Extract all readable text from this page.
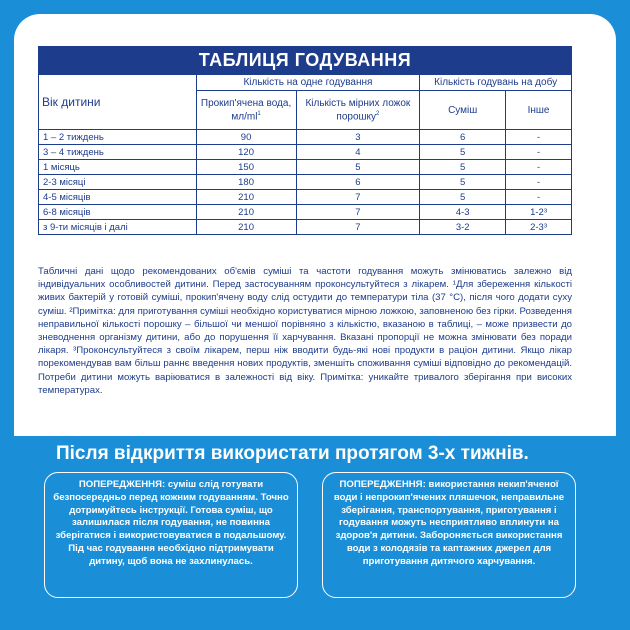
ТАБЛИЦЯ ГОДУВАННЯ
Вік дитини	Кількість на одне годування		Кількість годувань на добу	
	Прокип'ячена вода, $мл/ml^1$	Кількість мірних ложок порошку$^2$	Суміш	Інше
1 – 2 тиждень	90	3	6	-
3 – 4 тиждень	120	4	5	-
1 місяць	150	5	5	-
2-3 місяці	180	6	5	-
4-5 місяців	210	7	5	-
6-8 місяців	210	7	4-3	1-2³
з 9-ти місяців і далі	210	7	3-2	2-3³
Табличні дані щодо рекомендованих об'ємів суміші та частоти годування можуть змінюватись залежно від індивідуальних особливостей дитини. Перед застосуванням проконсультуйтеся з лікарем. ¹Для збереження кількості живих бактерій у готовій суміші, прокип'ячену воду слід остудити до температури тіла (37 °C), після чого додати суху суміш. ²Примітка: для приготування суміші необхідно користуватися мірною ложкою, заповненою без гірки. Розведення неправильної кількості порошку – більшої чи меншої порівняно з кількістю, вказаною в таблиці, – може призвести до зневоднення організму дитини, або до порушення її харчування. Вказані пропорції не можна змінювати без поради лікаря. ³Проконсультуйтеся з своїм лікарем, перш ніж вводити будь-які нові продукти в раціон дитини. Якщо лікар порекомендував вам більш раннє введення нових продуктів, зменшіть споживання суміші відповідно до рекомендацій. Потреби дитини можуть варіюватися в залежності від віку. Примітка: уникайте тривалого зберігання при високих температурах.
Після відкриття використати протягом 3-х тижнів.
ПОПЕРЕДЖЕННЯ: суміш слід готувати безпосередньо перед кожним годуванням. Точно дотримуйтесь інструкції. Готова суміш, що залишилася після годування, не повинна зберігатися і використовуватися в подальшому. Під час годування необхідно підтримувати дитину, щоб вона не захлинулась.
ПОПЕРЕДЖЕННЯ: використання некип'яченої води і непрокип'ячених пляшечок, неправильне зберігання, транспортування, приготування і годування можуть несприятливо вплинути на здоров'я дитини. Забороняється використання води з колодязів та каптажних джерел для приготування дитячого харчування.
